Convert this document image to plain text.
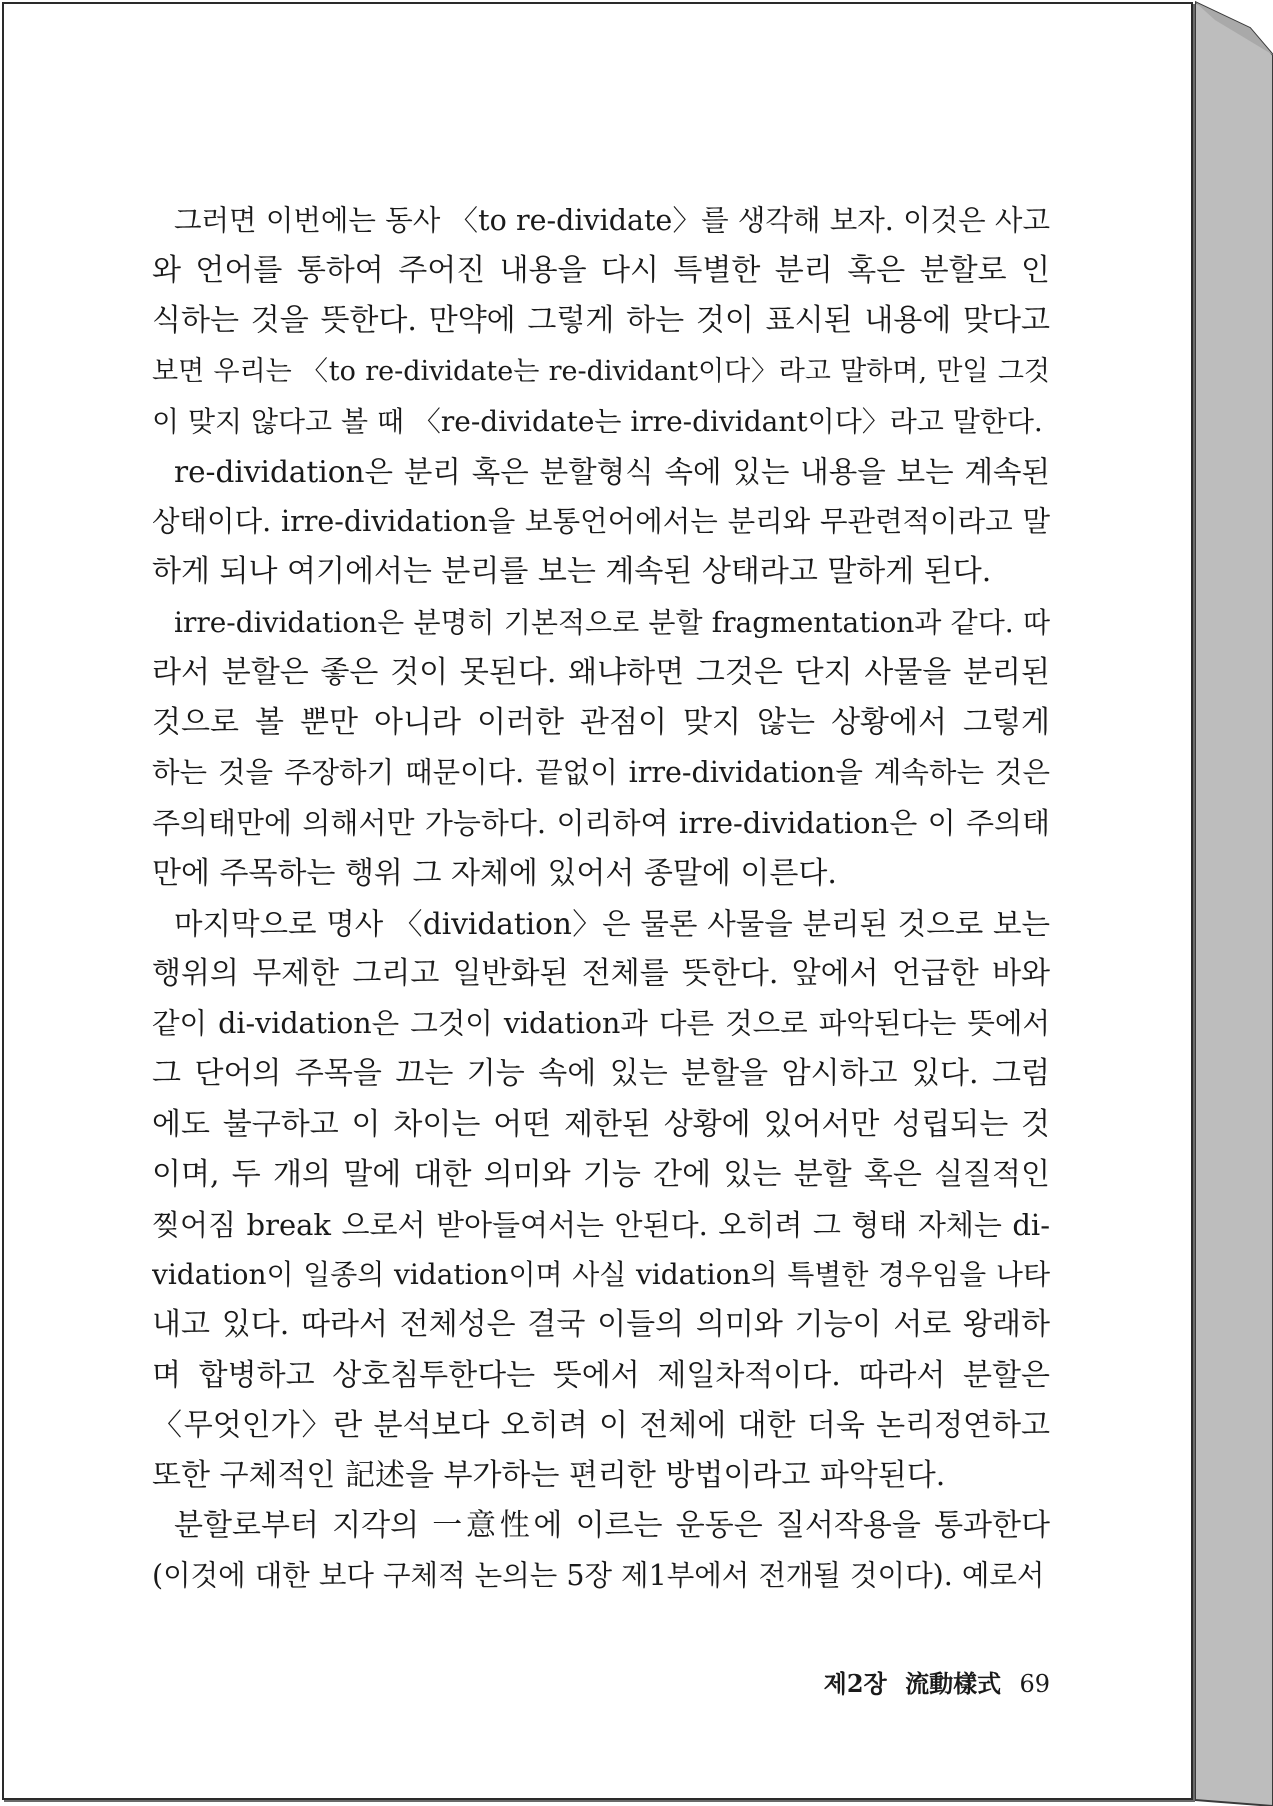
그러면 이번에는 동사 〈to re-dividate〉를 생각해 보자. 이것은 사고
와 언어를 통하여 주어진 내용을 다시 특별한 분리 혹은 분할로 인
식하는 것을 뜻한다. 만약에 그렇게 하는 것이 표시된 내용에 맞다고
보면 우리는 〈to re-dividate는 re-dividant이다〉라고 말하며, 만일 그것
이 맞지 않다고 볼 때 〈re-dividate는 irre-dividant이다〉라고 말한다.

re-dividation은 분리 혹은 분할형식 속에 있는 내용을 보는 계속된
상태이다. irre-dividation을 보통언어에서는 분리와 무관련적이라고 말
하게 되나 여기에서는 분리를 보는 계속된 상태라고 말하게 된다.

irre-dividation은 분명히 기본적으로 분할 fragmentation과 같다. 따
라서 분할은 좋은 것이 못된다. 왜냐하면 그것은 단지 사물을 분리된
것으로 볼 뿐만 아니라 이러한 관점이 맞지 않는 상황에서 그렇게
하는 것을 주장하기 때문이다. 끝없이 irre-dividation을 계속하는 것은
주의태만에 의해서만 가능하다. 이리하여 irre-dividation은 이 주의태
만에 주목하는 행위 그 자체에 있어서 종말에 이른다.

마지막으로 명사 〈dividation〉은 물론 사물을 분리된 것으로 보는
행위의 무제한 그리고 일반화된 전체를 뜻한다. 앞에서 언급한 바와
같이 di-vidation은 그것이 vidation과 다른 것으로 파악된다는 뜻에서
그 단어의 주목을 끄는 기능 속에 있는 분할을 암시하고 있다. 그럼
에도 불구하고 이 차이는 어떤 제한된 상황에 있어서만 성립되는 것
이며, 두 개의 말에 대한 의미와 기능 간에 있는 분할 혹은 실질적인
찢어짐 break 으로서 받아들여서는 안된다. 오히려 그 형태 자체는 di-
vidation이 일종의 vidation이며 사실 vidation의 특별한 경우임을 나타
내고 있다. 따라서 전체성은 결국 이들의 의미와 기능이 서로 왕래하
며 합병하고 상호침투한다는 뜻에서 제일차적이다. 따라서 분할은
〈무엇인가〉란 분석보다 오히려 이 전체에 대한 더욱 논리정연하고
또한 구체적인 記述을 부가하는 편리한 방법이라고 파악된다.

분할로부터 지각의 一意性에 이르는 운동은 질서작용을 통과한다
(이것에 대한 보다 구체적 논의는 5장 제1부에서 전개될 것이다). 예로서

제2장 流動樣式 69
